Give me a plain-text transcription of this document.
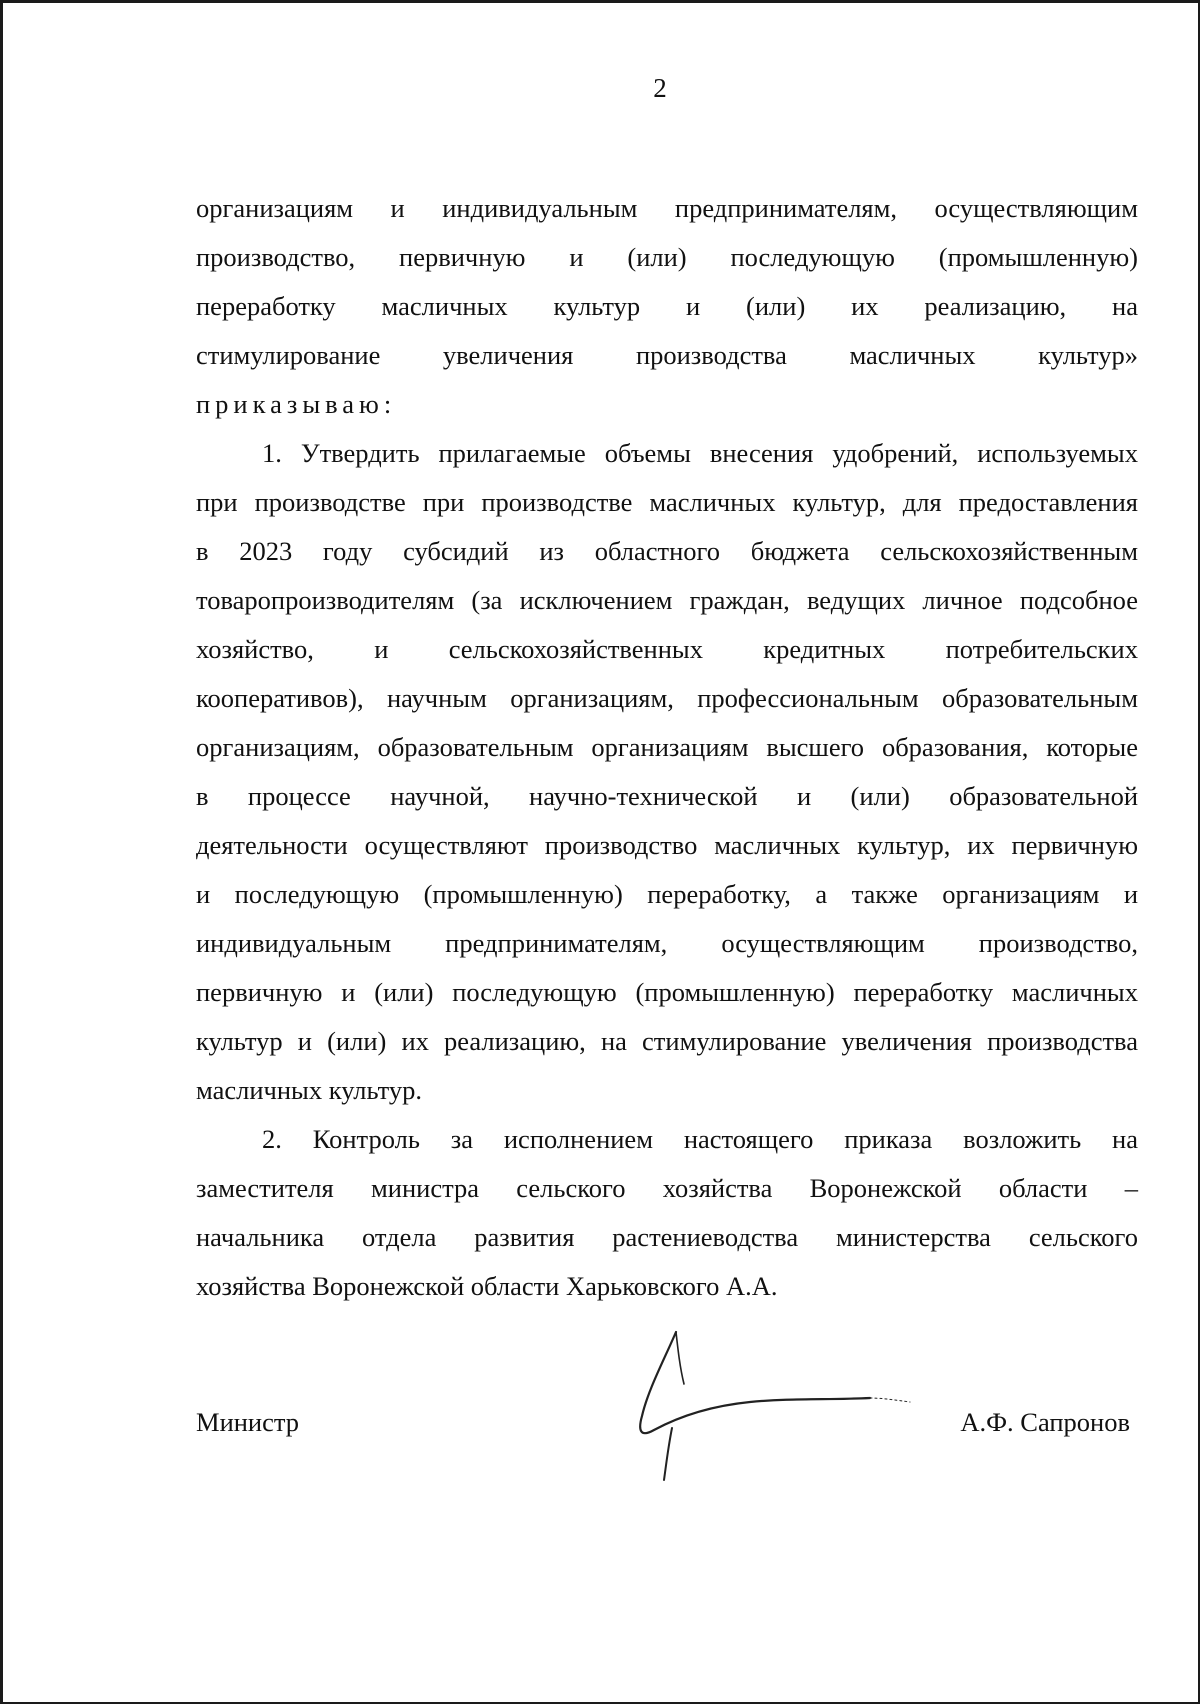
2

организациям и индивидуальным предпринимателям, осуществляющим
производство, первичную и (или) последующую (промышленную)
переработку масличных культур и (или) их реализацию, на
стимулирование увеличения производства масличных культур»
приказываю:

1. Утвердить прилагаемые объемы внесения удобрений, используемых
при производстве при производстве масличных культур, для предоставления
в 2023 году субсидий из областного бюджета сельскохозяйственным
товаропроизводителям (за исключением граждан, ведущих личное подсобное
хозяйство, и сельскохозяйственных кредитных потребительских
кооперативов), научным организациям, профессиональным образовательным
организациям, образовательным организациям высшего образования, которые
в процессе научной, научно-технической и (или) образовательной
деятельности осуществляют производство масличных культур, их первичную
и последующую (промышленную) переработку, а также организациям и
индивидуальным предпринимателям, осуществляющим производство,
первичную и (или) последующую (промышленную) переработку масличных
культур и (или) их реализацию, на стимулирование увеличения производства
масличных культур.

2. Контроль за исполнением настоящего приказа возложить на
заместителя министра сельского хозяйства Воронежской области –
начальника отдела развития растениеводства министерства сельского
хозяйства Воронежской области Харьковского А.А.

Министр	А.Ф. Сапронов
